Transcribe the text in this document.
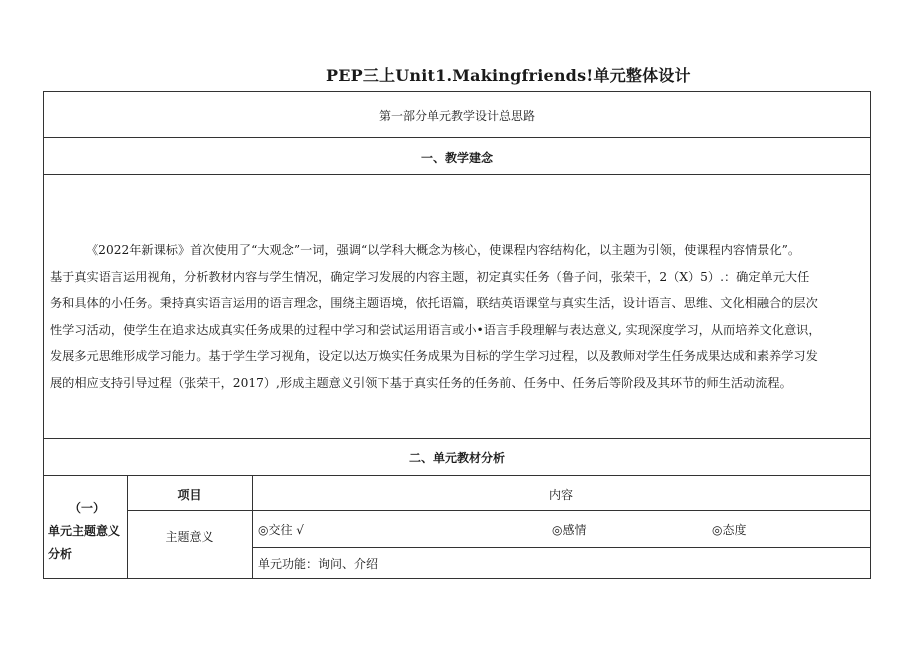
PEP三上Unit1.Makingfriends!单元整体设计
第一部分单元教学设计总思路
一、教学建念
《2022年新课标》首次使用了“大观念”一词，强调“以学科大概念为核心，使课程内容结构化，以主题为引领，使课程内容情景化”。
基于真实语言运用视角，分析教材内容与学生情况，确定学习发展的内容主题，初定真实任务（鲁子问，张荣干，2（X）5）.：确定单元大任
务和具体的小任务。秉持真实语言运用的语言理念，围绕主题语境，依托语篇，联结英语课堂与真实生活，设计语言、思维、文化相融合的层次
性学习活动，使学生在追求达成真实任务成果的过程中学习和尝试运用语言或小•语言手段理解与表达意义, 实现深度学习，从而培养文化意识，
发展多元思维形成学习能力。基于学生学习视角，设定以达万焕实任务成果为目标的学生学习过程，以及教师对学生任务成果达成和素养学习发
展的相应支持引导过程（张荣干，2017）,形成主题意义引领下基于真实任务的任务前、任务中、任务后等阶段及其环节的师生活动流程。
二、单元教材分析
（一）
单元主题意义分析
项目	内容
主题意义	◎交往 √	◎感情	◎态度
单元功能：询问、介绍
